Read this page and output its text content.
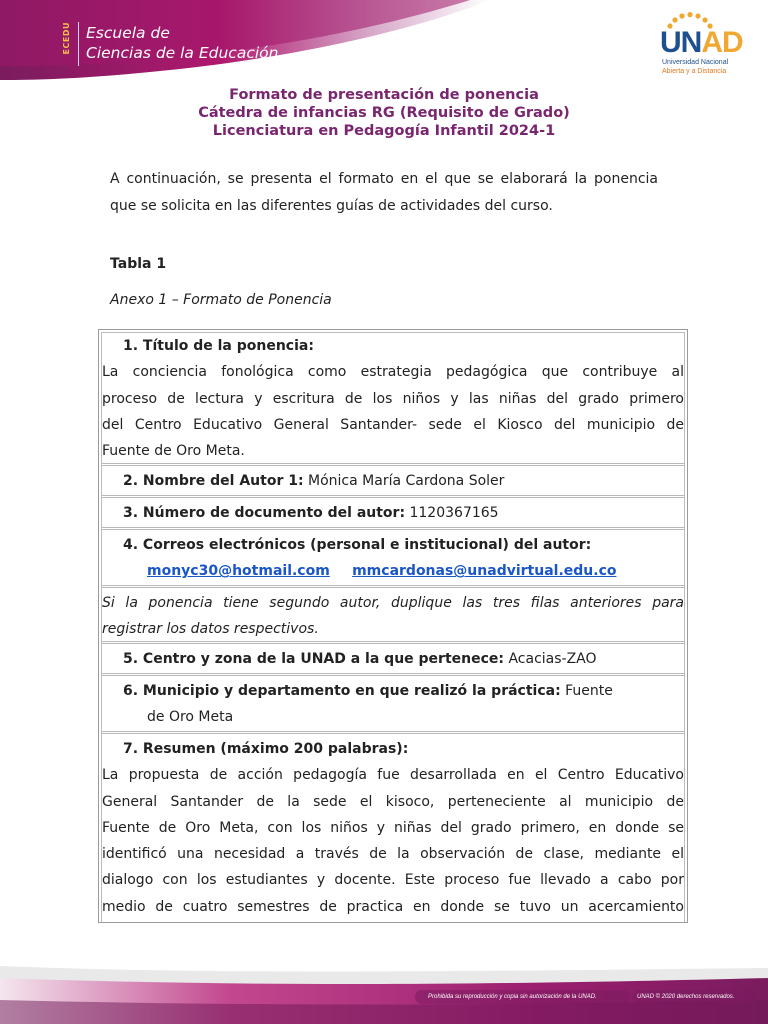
ECEDU Escuela de
Ciencias de la Educación	UNAD
Universidad Nacional
Abierta y a Distancia
Formato de presentación de ponencia
Cátedra de infancias RG (Requisito de Grado)
Licenciatura en Pedagogía Infantil 2024-1
A continuación, se presenta el formato en el que se elaborará la ponencia que se solicita en las diferentes guías de actividades del curso.
Tabla 1
Anexo 1 – Formato de Ponencia
1. Título de la ponencia:
La conciencia fonológica como estrategia pedagógica que contribuye al
proceso de lectura y escritura de los niños y las niñas del grado primero
del Centro Educativo General Santander- sede el Kiosco del municipio de
Fuente de Oro Meta.
2. Nombre del Autor 1: Mónica María Cardona Soler
3. Número de documento del autor: 1120367165
4. Correos electrónicos (personal e institucional) del autor:
monyc30@hotmail.com mmcardonas@unadvirtual.edu.co
Si la ponencia tiene segundo autor, duplique las tres filas anteriores para
registrar los datos respectivos.
5. Centro y zona de la UNAD a la que pertenece: Acacias-ZAO
6. Municipio y departamento en que realizó la práctica: Fuente
de Oro Meta
7. Resumen (máximo 200 palabras):
La propuesta de acción pedagogía fue desarrollada en el Centro Educativo
General Santander de la sede el kisoco, perteneciente al municipio de
Fuente de Oro Meta, con los niños y niñas del grado primero, en donde se
identificó una necesidad a través de la observación de clase, mediante el
dialogo con los estudiantes y docente. Este proceso fue llevado a cabo por
medio de cuatro semestres de practica en donde se tuvo un acercamiento
Prohibida su reproducción y copia sin autorización de la UNAD.	UNAD © 2020 derechos reservados.
